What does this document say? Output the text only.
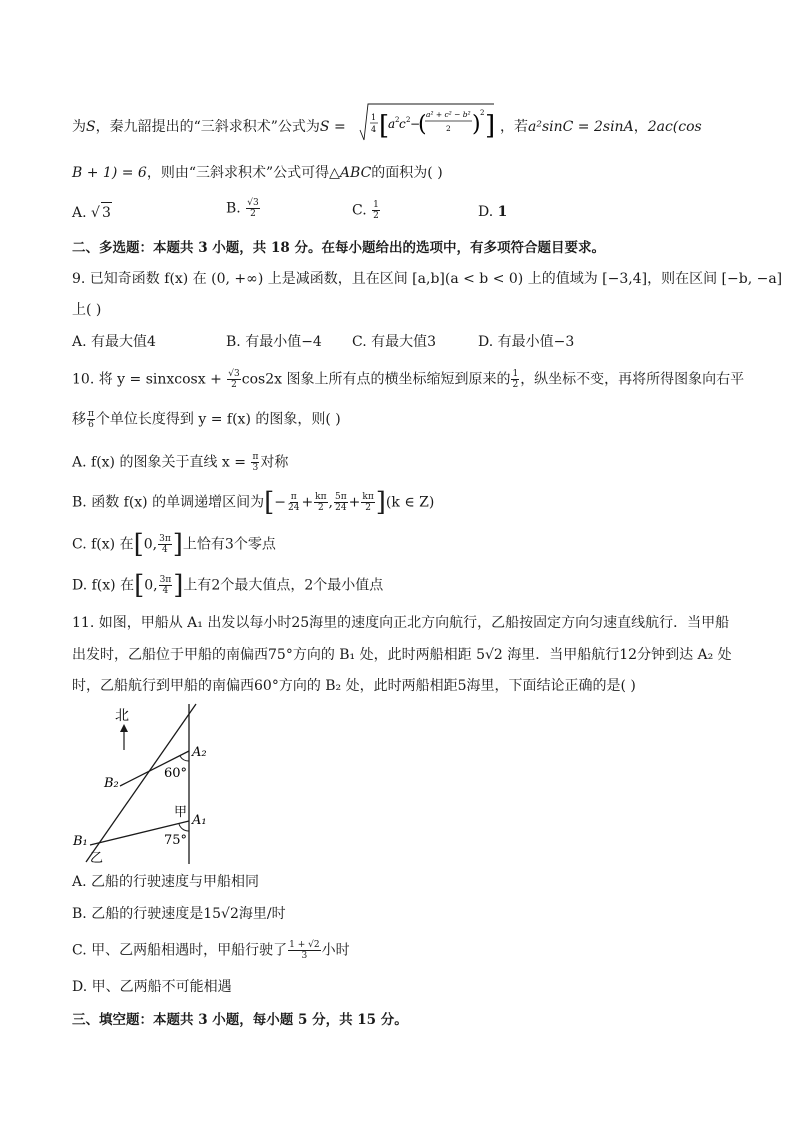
为S，秦九韶提出的“三斜求积术”公式为S =
1
4 [
a 2 c 2 −
( a² + c² − b²
2 ) 2 ] ，若a²sinC = 2sinA，2ac(cos
B + 1) = 6，则由“三斜求积术”公式可得△ABC的面积为( )
A. √ 3	B. $\frac{√3}{2}$	C. $\frac{1}{2}$	D. 1
二、多选题：本题共 3 小题，共 18 分。在每小题给出的选项中，有多项符合题目要求。
9. 已知奇函数 f(x) 在 (0, +∞) 上是减函数，且在区间 [a,b](a < b < 0) 上的值域为 [−3,4]，则在区间 [−b, −a]
上( )
A. 有最大值4	B. 有最小值−4 C. 有最大值3	D. 有最小值−3
10. 将 y = sinxcosx + $\frac{√3}{2} \cos 2x$ 图象上所有点的横坐标缩短到原来的 $\frac{1}{2}$ ，纵坐标不变，再将所得图象向右平
移 $\frac{\pi}{6}$ 个单位长度得到 y = f(x) 的图象，则( )
A. f(x) 的图象关于直线 $x = \frac{\pi}{3}$ 对称
B. 函数 f(x) 的单调递增区间为[− $\frac{\pi}{24} + \frac{k\pi}{2}$ , $\frac{5\pi}{24} + \frac{k\pi}{2} ](k$ ∈ Z)
C. f(x) 在[0, $\frac{3\pi}{4}$ ]上恰有3个零点
D. f(x) 在[0, $\frac{3\pi}{4}$ ]上有2个最大值点，2个最小值点
11. 如图，甲船从 A₁ 出发以每小时25海里的速度向正北方向航行，乙船按固定方向匀速直线航行．当甲船
出发时，乙船位于甲船的南偏西75°方向的 B₁ 处，此时两船相距 5√2 海里．当甲船航行12分钟到达 A₂ 处
时，乙船航行到甲船的南偏西60°方向的 B₂ 处，此时两船相距5海里，下面结论正确的是( )
北
A₂
B₂
60°
甲
A₁
75°
B₁
乙
A. 乙船的行驶速度与甲船相同
B. 乙船的行驶速度是15√2海里/时
C. 甲、乙两船相遇时，甲船行驶了 $\frac{1 + √2}{3}$ 小时
D. 甲、乙两船不可能相遇
三、填空题：本题共 3 小题，每小题 5 分，共 15 分。
